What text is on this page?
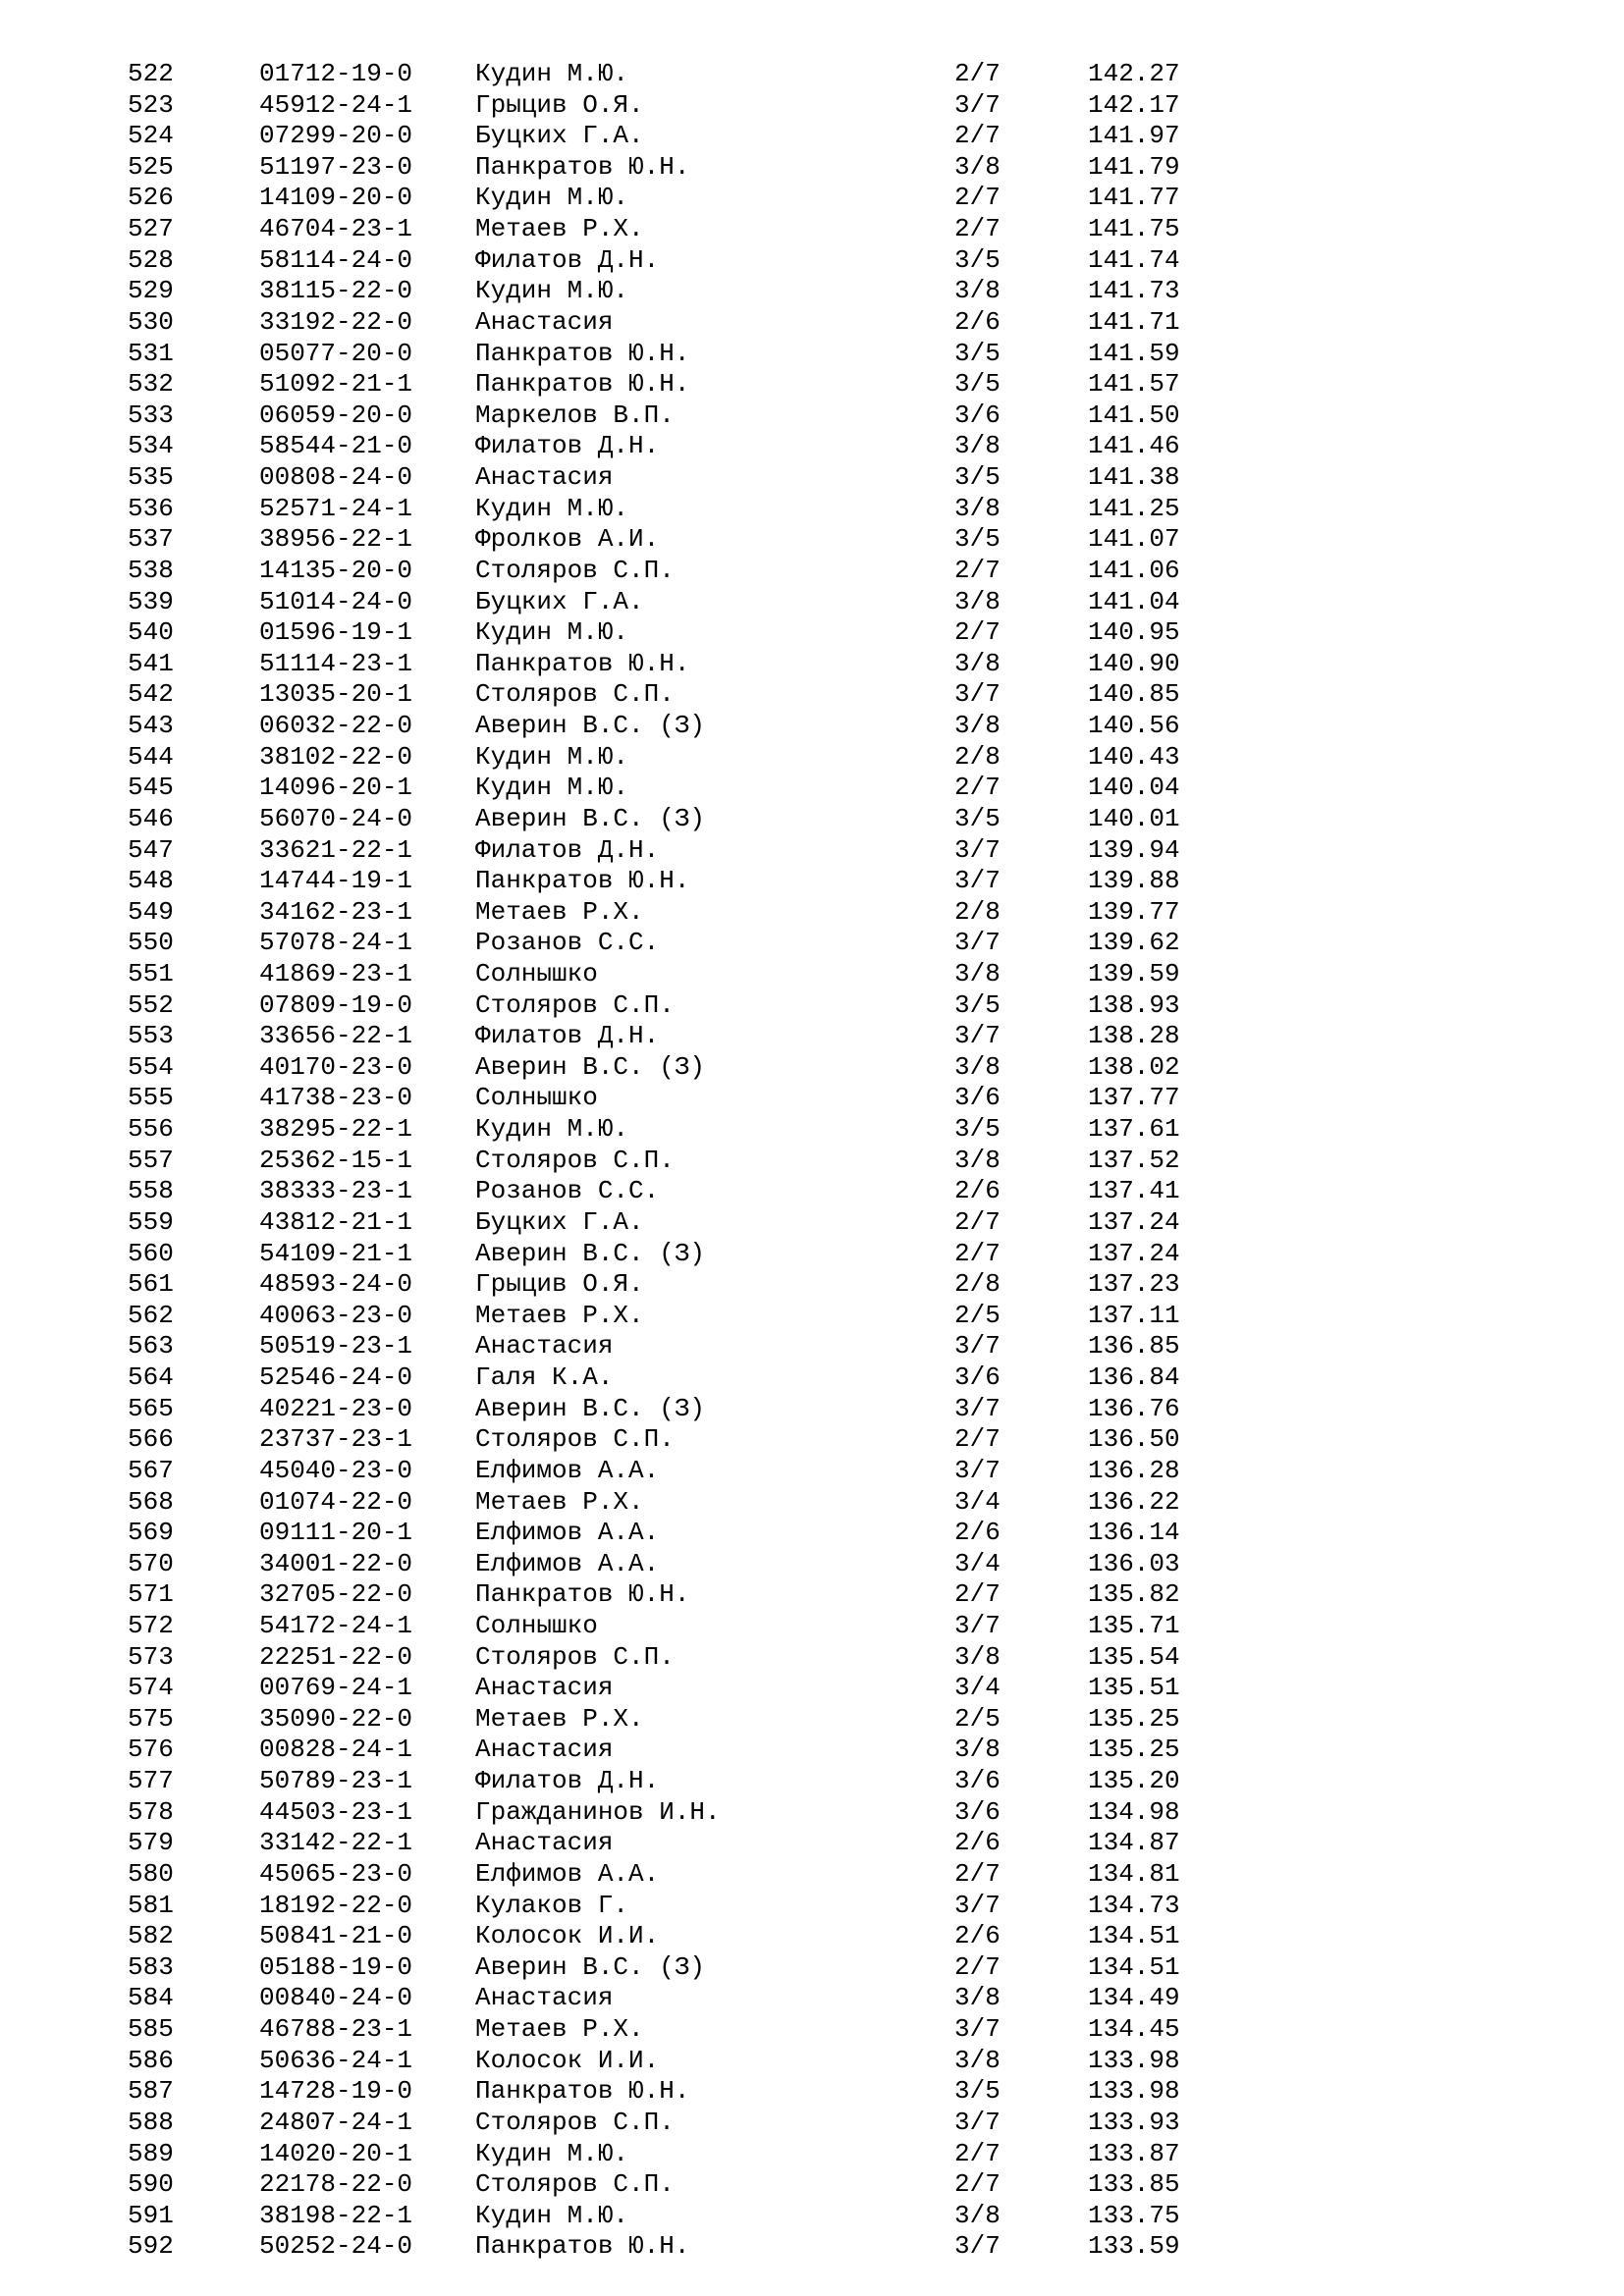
522	01712-19-0 Кудин М.Ю.	2/7	142.27
523	45912-24-1 Грыцив О.Я.	3/7	142.17
524	07299-20-0 Буцких Г.А.	2/7	141.97
525	51197-23-0 Панкратов Ю.Н.	3/8	141.79
526	14109-20-0 Кудин М.Ю.	2/7	141.77
527	46704-23-1 Метаев Р.Х.	2/7	141.75
528	58114-24-0 Филатов Д.Н.	3/5	141.74
529	38115-22-0 Кудин М.Ю.	3/8	141.73
530	33192-22-0 Анастасия	2/6	141.71
531	05077-20-0 Панкратов Ю.Н.	3/5	141.59
532	51092-21-1 Панкратов Ю.Н.	3/5	141.57
533	06059-20-0 Маркелов В.П.	3/6	141.50
534	58544-21-0 Филатов Д.Н.	3/8	141.46
535	00808-24-0 Анастасия	3/5	141.38
536	52571-24-1 Кудин М.Ю.	3/8	141.25
537	38956-22-1 Фролков А.И.	3/5	141.07
538	14135-20-0 Столяров С.П.	2/7	141.06
539	51014-24-0 Буцких Г.А.	3/8	141.04
540	01596-19-1 Кудин М.Ю.	2/7	140.95
541	51114-23-1 Панкратов Ю.Н.	3/8	140.90
542	13035-20-1 Столяров С.П.	3/7	140.85
543	06032-22-0 Аверин В.С. (З)	3/8	140.56
544	38102-22-0 Кудин М.Ю.	2/8	140.43
545	14096-20-1 Кудин М.Ю.	2/7	140.04
546	56070-24-0 Аверин В.С. (З)	3/5	140.01
547	33621-22-1 Филатов Д.Н.	3/7	139.94
548	14744-19-1 Панкратов Ю.Н.	3/7	139.88
549	34162-23-1 Метаев Р.Х.	2/8	139.77
550	57078-24-1 Розанов С.С.	3/7	139.62
551	41869-23-1 Солнышко	3/8	139.59
552	07809-19-0 Столяров С.П.	3/5	138.93
553	33656-22-1 Филатов Д.Н.	3/7	138.28
554	40170-23-0 Аверин В.С. (З)	3/8	138.02
555	41738-23-0 Солнышко	3/6	137.77
556	38295-22-1 Кудин М.Ю.	3/5	137.61
557	25362-15-1 Столяров С.П.	3/8	137.52
558	38333-23-1 Розанов С.С.	2/6	137.41
559	43812-21-1 Буцких Г.А.	2/7	137.24
560	54109-21-1 Аверин В.С. (З)	2/7	137.24
561	48593-24-0 Грыцив О.Я.	2/8	137.23
562	40063-23-0 Метаев Р.Х.	2/5	137.11
563	50519-23-1 Анастасия	3/7	136.85
564	52546-24-0 Галя К.А.	3/6	136.84
565	40221-23-0 Аверин В.С. (З)	3/7	136.76
566	23737-23-1 Столяров С.П.	2/7	136.50
567	45040-23-0 Елфимов А.А.	3/7	136.28
568	01074-22-0 Метаев Р.Х.	3/4	136.22
569	09111-20-1 Елфимов А.А.	2/6	136.14
570	34001-22-0 Елфимов А.А.	3/4	136.03
571	32705-22-0 Панкратов Ю.Н.	2/7	135.82
572	54172-24-1 Солнышко	3/7	135.71
573	22251-22-0 Столяров С.П.	3/8	135.54
574	00769-24-1 Анастасия	3/4	135.51
575	35090-22-0 Метаев Р.Х.	2/5	135.25
576	00828-24-1 Анастасия	3/8	135.25
577	50789-23-1 Филатов Д.Н.	3/6	135.20
578	44503-23-1 Гражданинов И.Н.	3/6	134.98
579	33142-22-1 Анастасия	2/6	134.87
580	45065-23-0 Елфимов А.А.	2/7	134.81
581	18192-22-0 Кулаков Г.	3/7	134.73
582	50841-21-0 Колосок И.И.	2/6	134.51
583	05188-19-0 Аверин В.С. (З)	2/7	134.51
584	00840-24-0 Анастасия	3/8	134.49
585	46788-23-1 Метаев Р.Х.	3/7	134.45
586	50636-24-1 Колосок И.И.	3/8	133.98
587	14728-19-0 Панкратов Ю.Н.	3/5	133.98
588	24807-24-1 Столяров С.П.	3/7	133.93
589	14020-20-1 Кудин М.Ю.	2/7	133.87
590	22178-22-0 Столяров С.П.	2/7	133.85
591	38198-22-1 Кудин М.Ю.	3/8	133.75
592	50252-24-0 Панкратов Ю.Н.	3/7	133.59
